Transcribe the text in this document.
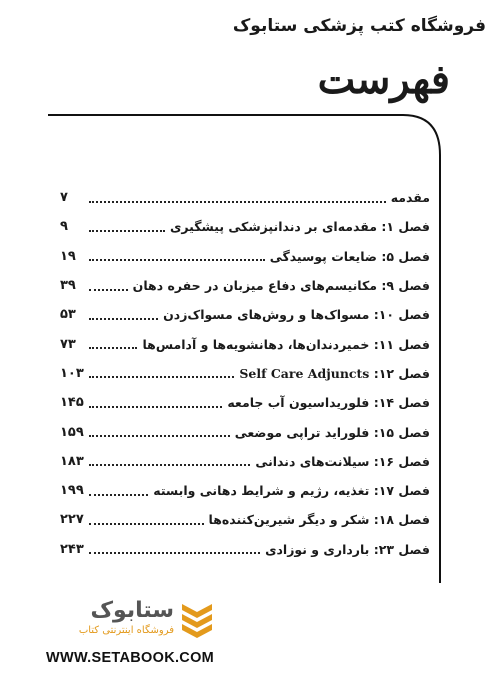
فروشگاه کتب پزشکی ستابوک
فهرست
مقدمه
۷
فصل ۱: مقدمه‌ای بر دندانپزشکی پیشگیری
۹
فصل ۵: ضایعات پوسیدگی
۱۹
فصل ۹: مکانیسم‌های دفاع میزبان در حفره دهان
۳۹
فصل ۱۰: مسواک‌ها و روش‌های مسواک‌زدن
۵۳
فصل ۱۱: خمیردندان‌ها، دهانشویه‌ها و آدامس‌ها
۷۳
فصل ۱۲: Self Care Adjuncts
۱۰۳
فصل ۱۴: فلوریداسیون آب جامعه
۱۴۵
فصل ۱۵: فلوراید تراپی موضعی
۱۵۹
فصل ۱۶: سیلانت‌های دندانی
۱۸۳
فصل ۱۷: تغذیه، رژیم و شرایط دهانی وابسته
۱۹۹
فصل ۱۸: شکر و دیگر شیرین‌کننده‌ها
۲۲۷
فصل ۲۳: بارداری و نوزادی
۲۴۳
ستابوک
فروشگاه اینترنتی کتاب
WWW.SETABOOK.COM
